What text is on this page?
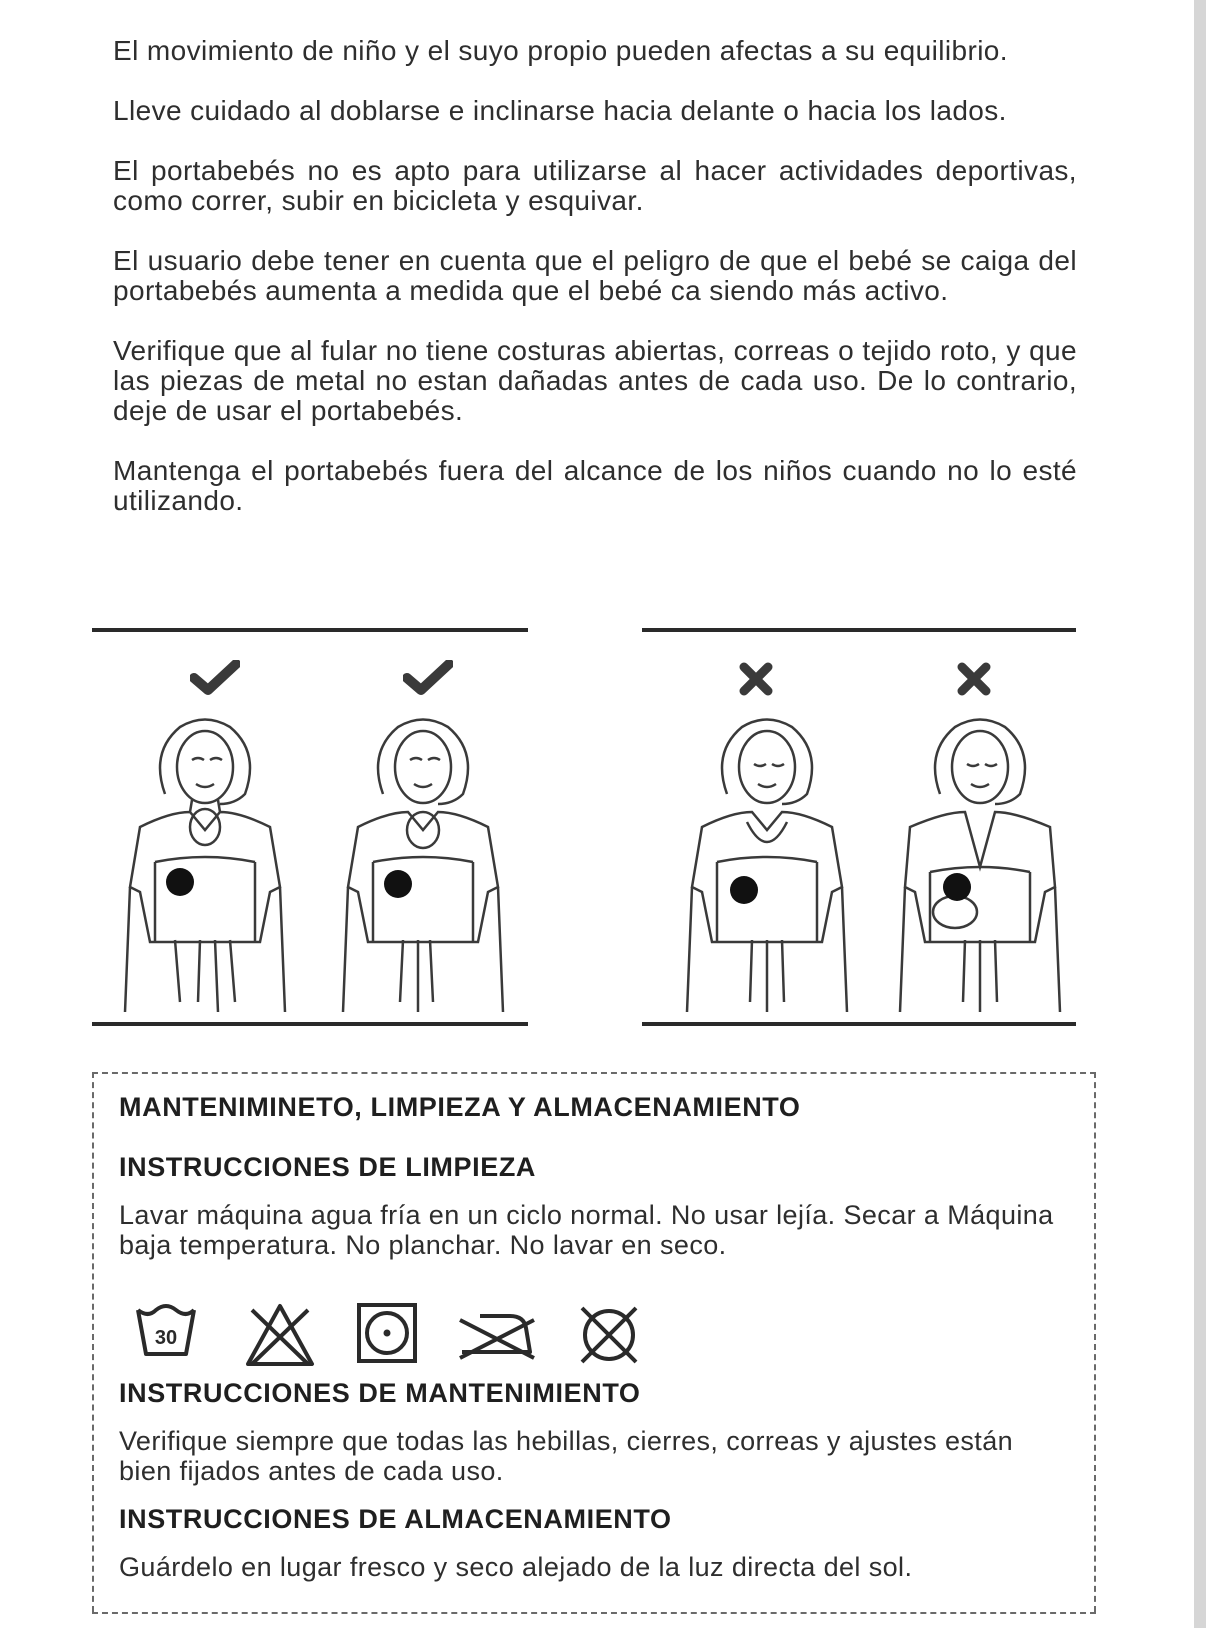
El movimiento de niño y el suyo propio pueden afectas a su equilibrio.

Lleve cuidado al doblarse e inclinarse hacia delante o hacia los lados.

El portabebés no es apto para utilizarse al hacer actividades deportivas, como correr, subir en bicicleta y esquivar.

El usuario debe tener en cuenta que el peligro de que el bebé se caiga del portabebés aumenta a medida que el bebé ca siendo más activo.

Verifique que al fular no tiene costuras abiertas, correas o tejido roto, y que las piezas de metal no estan dañadas antes de cada uso. De lo contrario, deje de usar el portabebés.

Mantenga el portabebés fuera del alcance de los niños cuando no lo esté utilizando.

MANTENIMINETO, LIMPIEZA Y ALMACENAMIENTO
INSTRUCCIONES DE LIMPIEZA

Lavar máquina agua fría en un ciclo normal. No usar lejía. Secar a Máquina baja temperatura. No planchar. No lavar en seco.

30
INSTRUCCIONES DE MANTENIMIENTO

Verifique siempre que todas las hebillas, cierres, correas y ajustes están bien fijados antes de cada uso.

INSTRUCCIONES DE ALMACENAMIENTO

Guárdelo en lugar fresco y seco alejado de la luz directa del sol.
